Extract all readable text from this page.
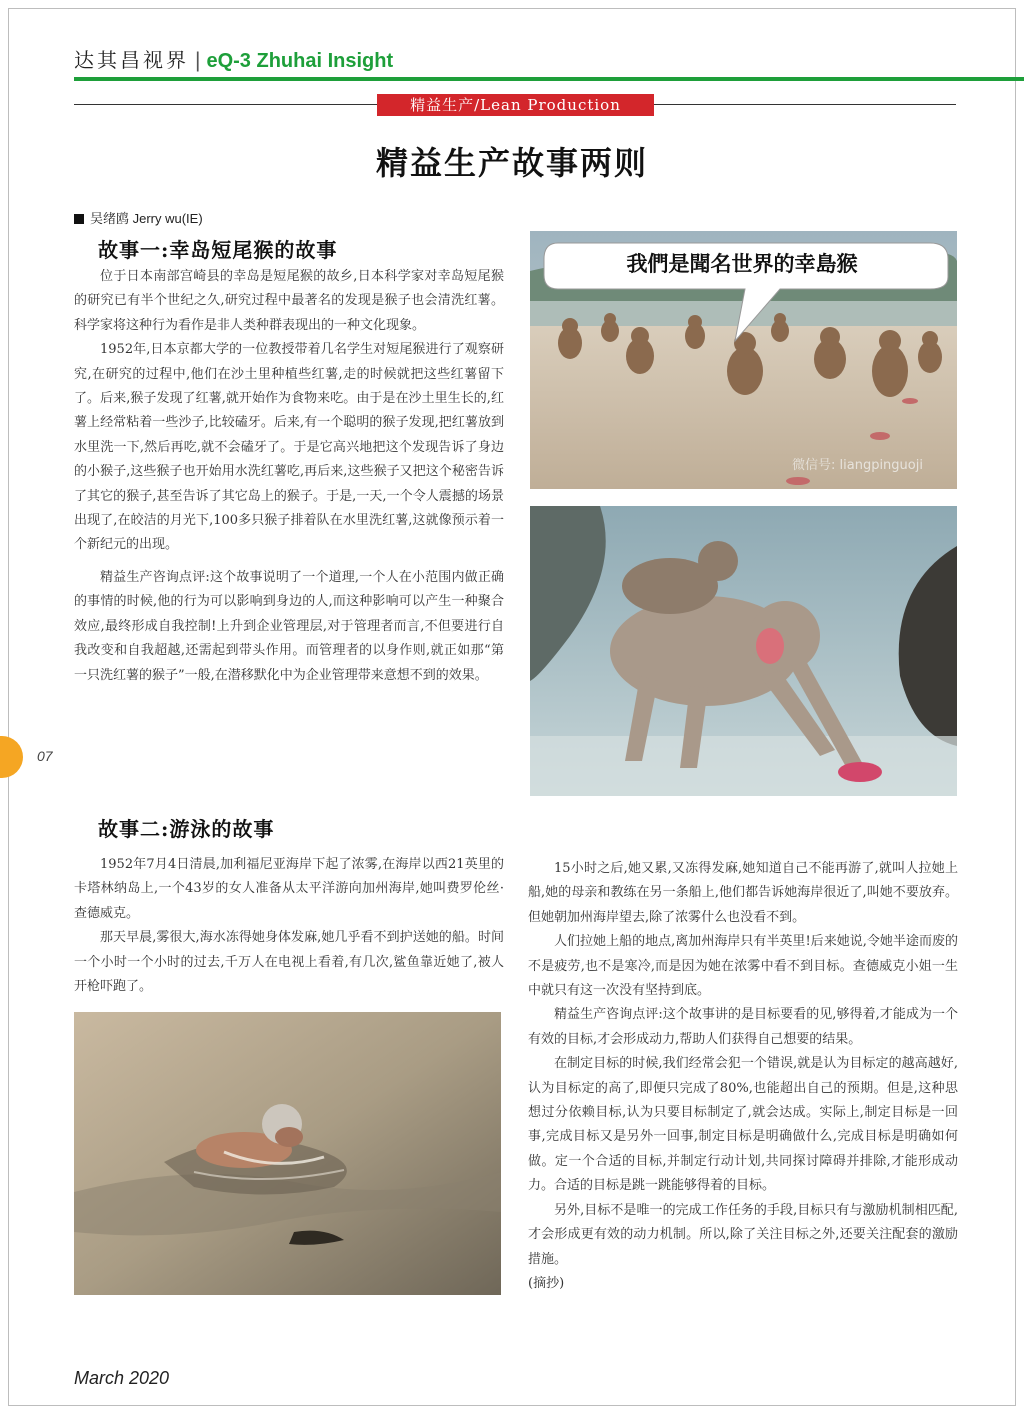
达其昌视界 | eQ-3 Zhuhai Insight
精益生产/Lean Production
精益生产故事两则
吴绪鸥 Jerry wu(IE)
故事一:幸岛短尾猴的故事

位于日本南部宫崎县的幸岛是短尾猴的故乡,日本科学家对幸岛短尾猴的研究已有半个世纪之久,研究过程中最著名的发现是猴子也会清洗红薯。科学家将这种行为看作是非人类种群表现出的一种文化现象。

1952年,日本京都大学的一位教授带着几名学生对短尾猴进行了观察研究,在研究的过程中,他们在沙土里种植些红薯,走的时候就把这些红薯留下了。后来,猴子发现了红薯,就开始作为食物来吃。由于是在沙土里生长的,红薯上经常粘着一些沙子,比较磕牙。后来,有一个聪明的猴子发现,把红薯放到水里洗一下,然后再吃,就不会磕牙了。于是它高兴地把这个发现告诉了身边的小猴子,这些猴子也开始用水洗红薯吃,再后来,这些猴子又把这个秘密告诉了其它的猴子,甚至告诉了其它岛上的猴子。于是,一天,一个令人震撼的场景出现了,在皎洁的月光下,100多只猴子排着队在水里洗红薯,这就像预示着一个新纪元的出现。

精益生产咨询点评:这个故事说明了一个道理,一个人在小范围内做正确的事情的时候,他的行为可以影响到身边的人,而这种影响可以产生一种聚合效应,最终形成自我控制!上升到企业管理层,对于管理者而言,不但要进行自我改变和自我超越,还需起到带头作用。而管理者的以身作则,就正如那“第一只洗红薯的猴子”一般,在潜移默化中为企业管理带来意想不到的效果。

我們是聞名世界的幸島猴
微信号: liangpinguoji
07
故事二:游泳的故事

1952年7月4日清晨,加利福尼亚海岸下起了浓雾,在海岸以西21英里的卡塔林纳岛上,一个43岁的女人准备从太平洋游向加州海岸,她叫费罗伦丝·查德威克。

那天早晨,雾很大,海水冻得她身体发麻,她几乎看不到护送她的船。时间一个小时一个小时的过去,千万人在电视上看着,有几次,鲨鱼靠近她了,被人开枪吓跑了。

15小时之后,她又累,又冻得发麻,她知道自己不能再游了,就叫人拉她上船,她的母亲和教练在另一条船上,他们都告诉她海岸很近了,叫她不要放弃。但她朝加州海岸望去,除了浓雾什么也没看不到。

人们拉她上船的地点,离加州海岸只有半英里!后来她说,令她半途而废的不是疲劳,也不是寒冷,而是因为她在浓雾中看不到目标。查德威克小姐一生中就只有这一次没有坚持到底。

精益生产咨询点评:这个故事讲的是目标要看的见,够得着,才能成为一个有效的目标,才会形成动力,帮助人们获得自己想要的结果。

在制定目标的时候,我们经常会犯一个错误,就是认为目标定的越高越好,认为目标定的高了,即便只完成了80%,也能超出自己的预期。但是,这种思想过分依赖目标,认为只要目标制定了,就会达成。实际上,制定目标是一回事,完成目标又是另外一回事,制定目标是明确做什么,完成目标是明确如何做。定一个合适的目标,并制定行动计划,共同探讨障碍并排除,才能形成动力。合适的目标是跳一跳能够得着的目标。

另外,目标不是唯一的完成工作任务的手段,目标只有与激励机制相匹配,才会形成更有效的动力机制。所以,除了关注目标之外,还要关注配套的激励措施。

(摘抄)
March 2020
